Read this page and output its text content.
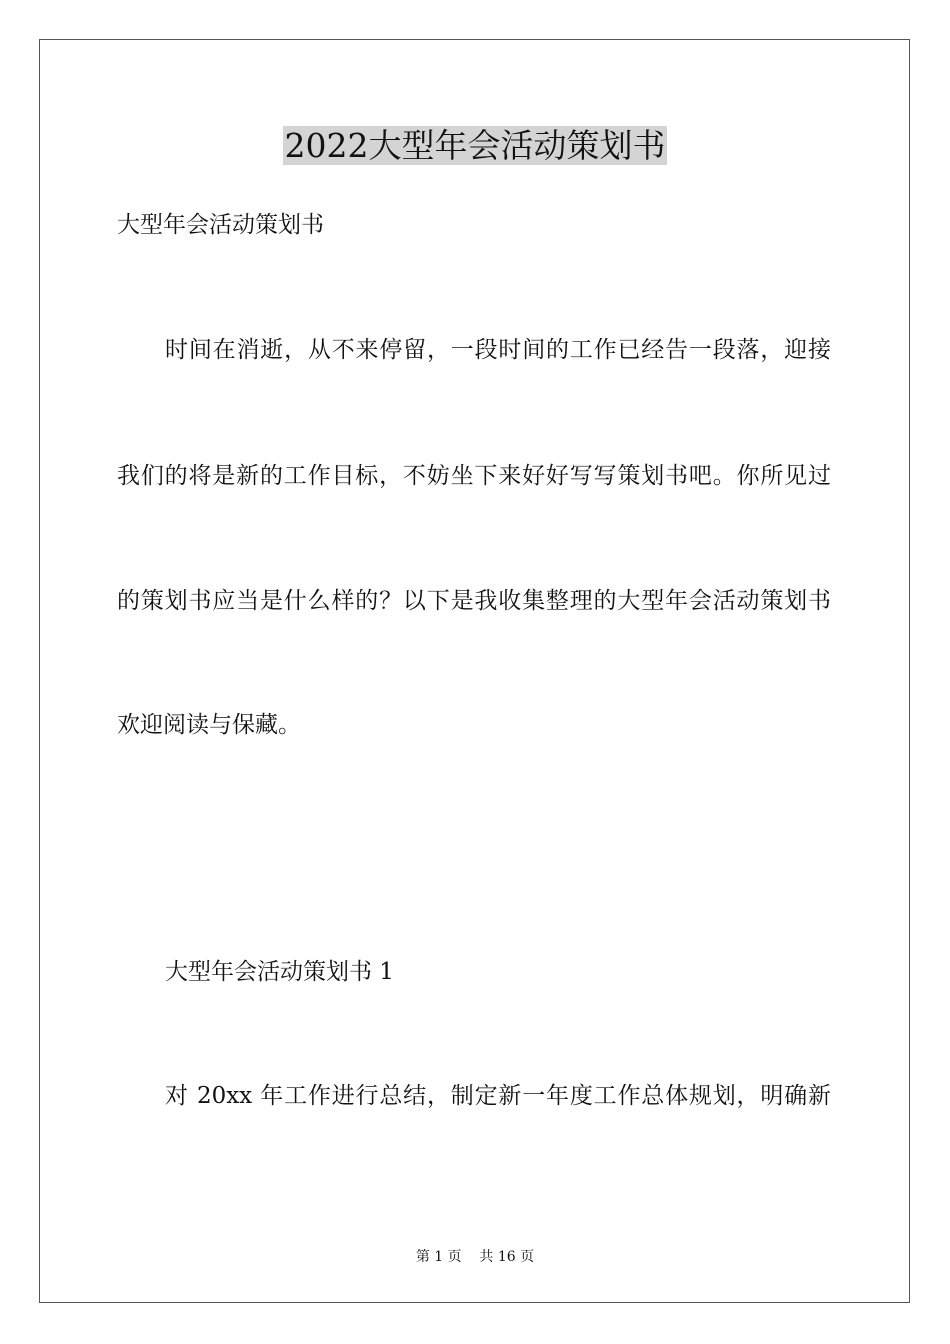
2022大型年会活动策划书
大型年会活动策划书
时间在消逝，从不来停留，一段时间的工作已经告一段落，迎接
我们的将是新的工作目标，不妨坐下来好好写写策划书吧。你所见过
的策划书应当是什么样的？以下是我收集整理的大型年会活动策划书
欢迎阅读与保藏。
大型年会活动策划书 1
对 20xx 年工作进行总结，制定新一年度工作总体规划，明确新
第 1 页    共 16 页
